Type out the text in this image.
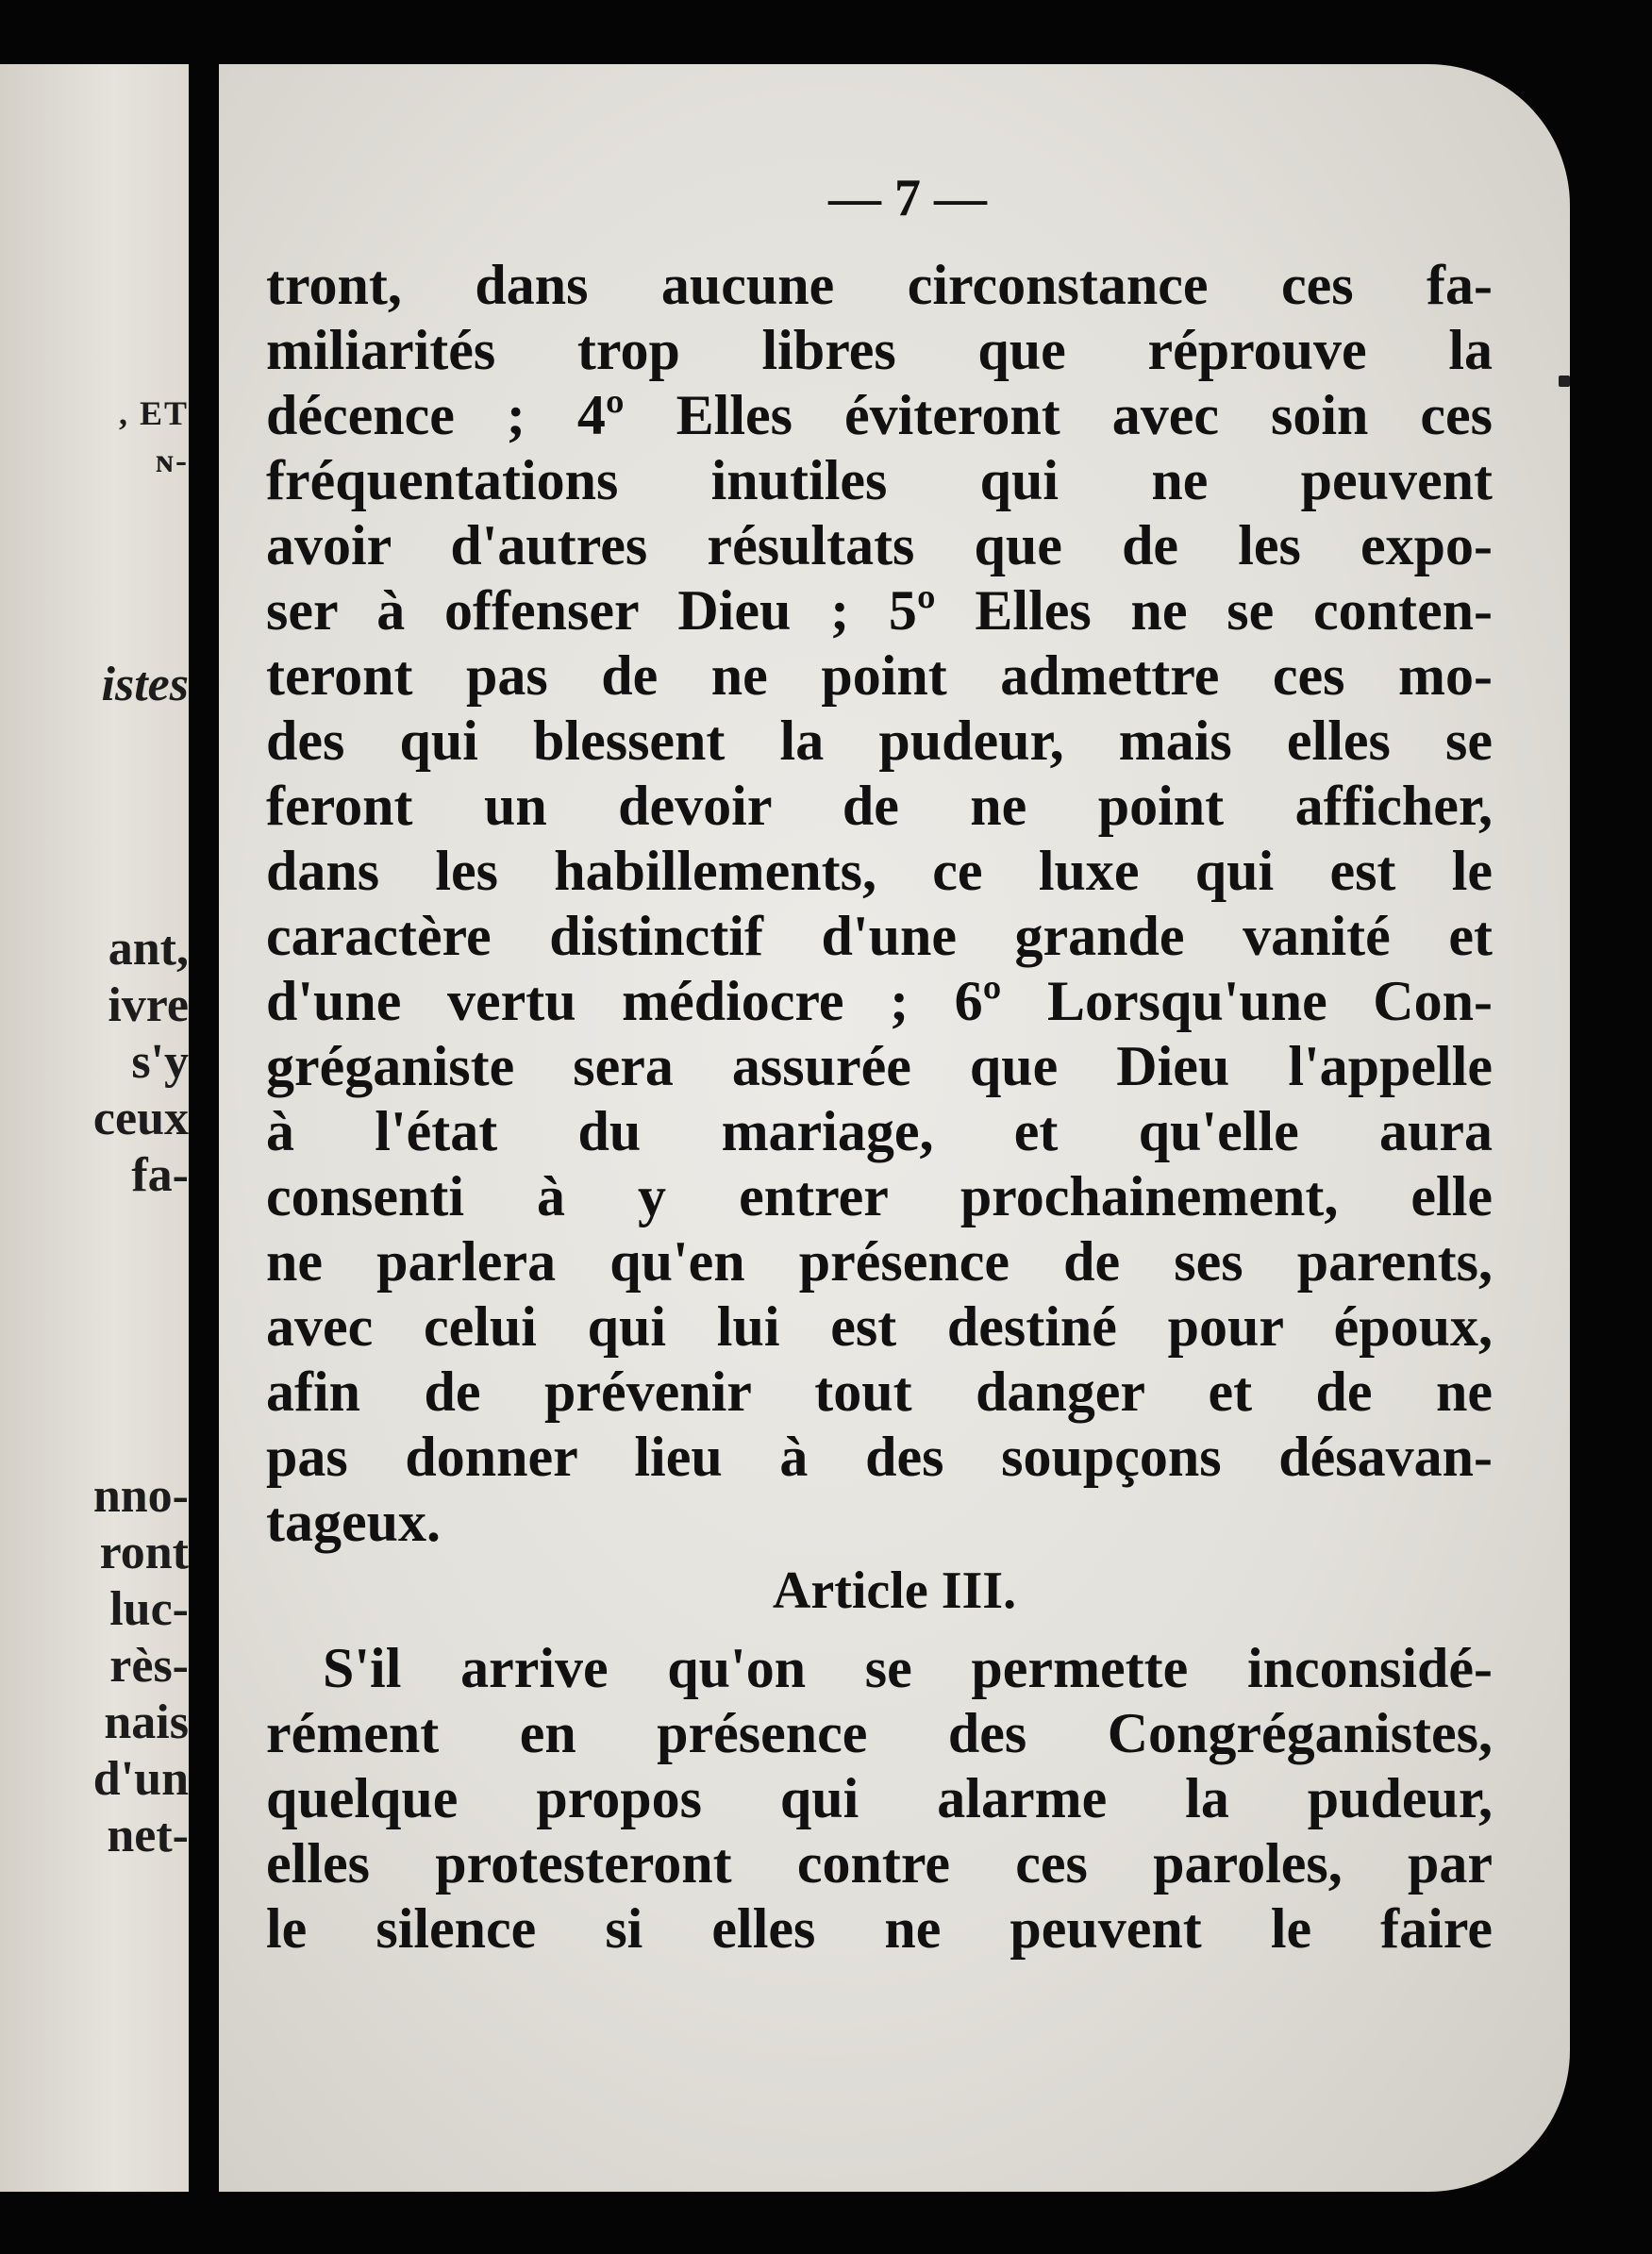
, ET
ɴ-
istes
ant,
ivre
s'y
ceux
fa-
nno-
ront
luc-
rès-
nais
d'un
net-
— 7 —
tront, dans aucune circonstance ces fa-
miliarités trop libres que réprouve la
décence ; 4º Elles éviteront avec soin ces
fréquentations inutiles qui ne peuvent
avoir d'autres résultats que de les expo-
ser à offenser Dieu ; 5º Elles ne se conten-
teront pas de ne point admettre ces mo-
des qui blessent la pudeur, mais elles se
feront un devoir de ne point afficher,
dans les habillements, ce luxe qui est le
caractère distinctif d'une grande vanité et
d'une vertu médiocre ; 6º Lorsqu'une Con-
gréganiste sera assurée que Dieu l'appelle
à l'état du mariage, et qu'elle aura
consenti à y entrer prochainement, elle
ne parlera qu'en présence de ses parents,
avec celui qui lui est destiné pour époux,
afin de prévenir tout danger et de ne
pas donner lieu à des soupçons désavan-
tageux.
Article III.
S'il arrive qu'on se permette inconsidé-
rément en présence des Congréganistes,
quelque propos qui alarme la pudeur,
elles protesteront contre ces paroles, par
le silence si elles ne peuvent le faire
